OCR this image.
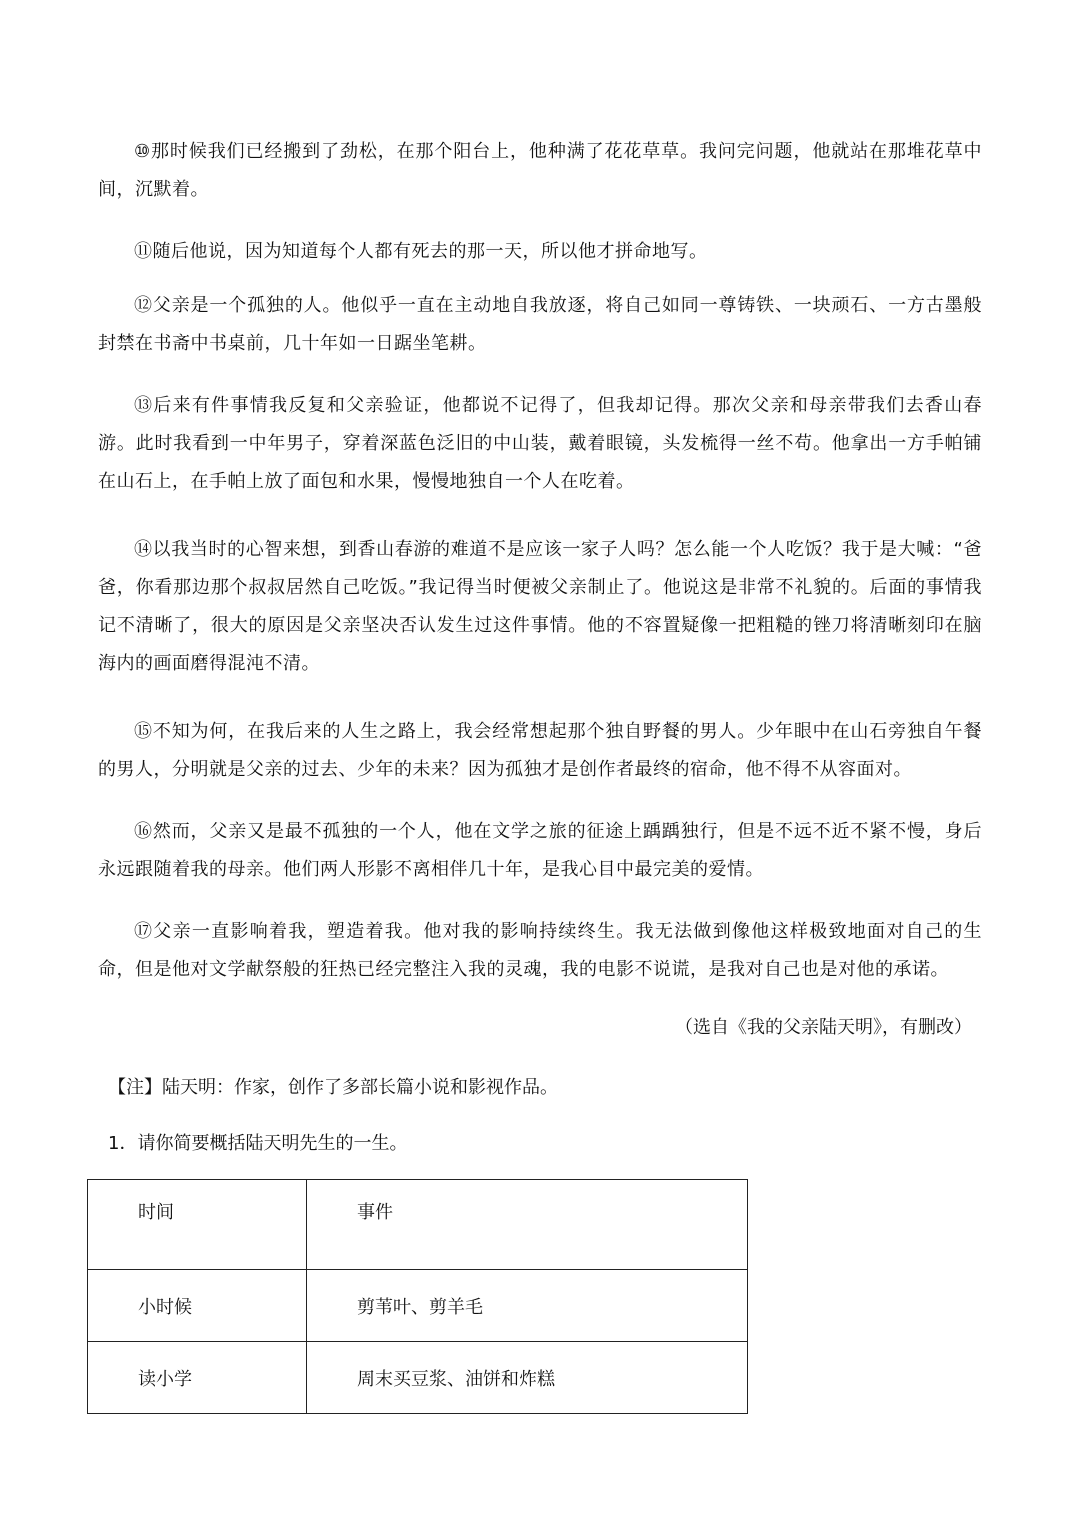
⑩那时候我们已经搬到了劲松，在那个阳台上，他种满了花花草草。我问完问题，他就站在那堆花草中间，沉默着。

⑪随后他说，因为知道每个人都有死去的那一天，所以他才拼命地写。

⑫父亲是一个孤独的人。他似乎一直在主动地自我放逐，将自己如同一尊铸铁、一块顽石、一方古墨般封禁在书斋中书桌前，几十年如一日踞坐笔耕。

⑬后来有件事情我反复和父亲验证，他都说不记得了，但我却记得。那次父亲和母亲带我们去香山春游。此时我看到一中年男子，穿着深蓝色泛旧的中山装，戴着眼镜，头发梳得一丝不苟。他拿出一方手帕铺在山石上，在手帕上放了面包和水果，慢慢地独自一个人在吃着。

⑭以我当时的心智来想，到香山春游的难道不是应该一家子人吗？怎么能一个人吃饭？我于是大喊：“爸爸，你看那边那个叔叔居然自己吃饭。”我记得当时便被父亲制止了。他说这是非常不礼貌的。后面的事情我记不清晰了，很大的原因是父亲坚决否认发生过这件事情。他的不容置疑像一把粗糙的锉刀将清晰刻印在脑海内的画面磨得混沌不清。

⑮不知为何，在我后来的人生之路上，我会经常想起那个独自野餐的男人。少年眼中在山石旁独自午餐的男人，分明就是父亲的过去、少年的未来？因为孤独才是创作者最终的宿命，他不得不从容面对。

⑯然而，父亲又是最不孤独的一个人，他在文学之旅的征途上踽踽独行，但是不远不近不紧不慢，身后永远跟随着我的母亲。他们两人形影不离相伴几十年，是我心目中最完美的爱情。

⑰父亲一直影响着我，塑造着我。他对我的影响持续终生。我无法做到像他这样极致地面对自己的生命，但是他对文学献祭般的狂热已经完整注入我的灵魂，我的电影不说谎，是我对自己也是对他的承诺。

（选自《我的父亲陆天明》，有删改）

【注】陆天明：作家，创作了多部长篇小说和影视作品。

1．请你简要概括陆天明先生的一生。

时间	事件
小时候	剪苇叶、剪羊毛
读小学	周末买豆浆、油饼和炸糕
